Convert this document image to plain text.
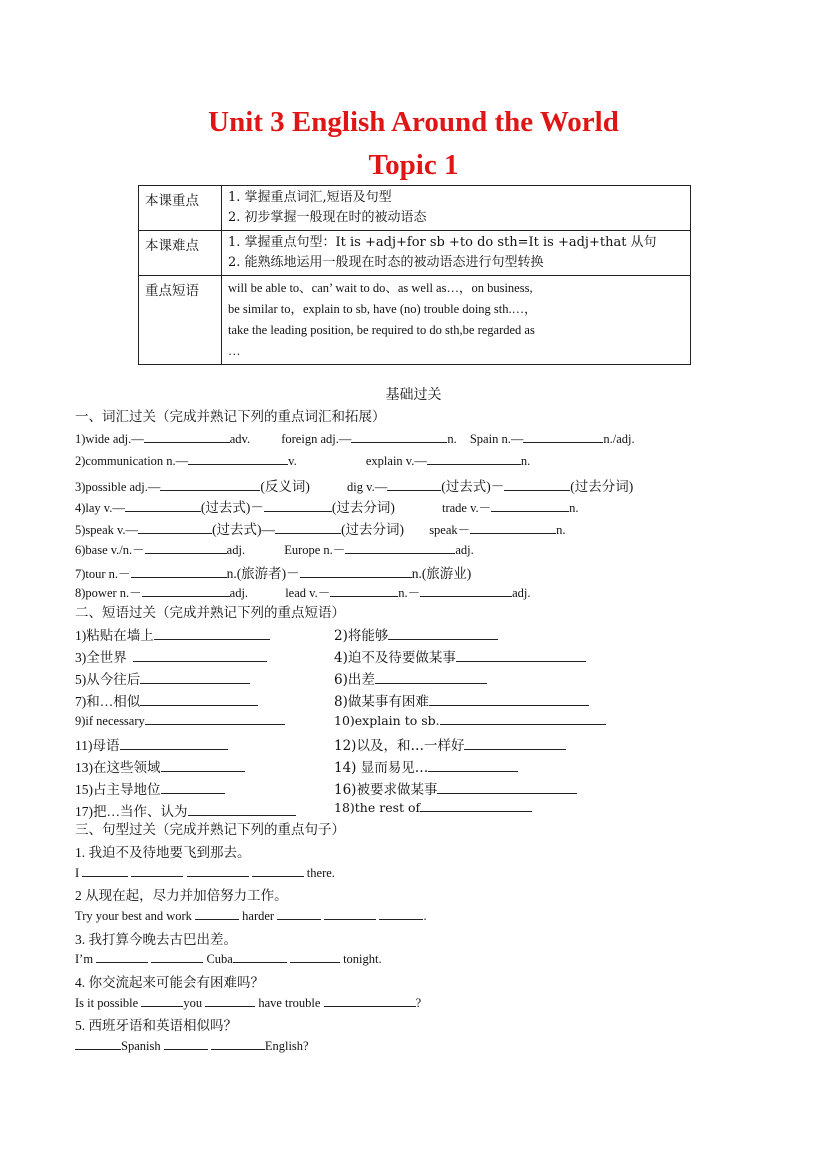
Unit 3 English Around the World
Topic 1
本课重点	1. 掌握重点词汇,短语及句型
2. 初步掌握一般现在时的被动语态

本课难点	1. 掌握重点句型：It is +adj+for sb +to do sth=It is +adj+that 从句
2. 能熟练地运用一般现在时态的被动语态进行句型转换

重点短语	will be able to、can’ wait to do、as well as…，on business,
be similar to，explain to sb, have (no) trouble doing sth.…，
take the leading position, be required to do sth,be regarded as
…
基础过关
一、词汇过关（完成并熟记下列的重点词汇和拓展）
1)wide adj.—	adv. foreign adj.—	n. Spain n.—	n./adj.
2)communication n.—	v.	explain v.—	n.
3)possible adj.—	(反义词)	dig v.—	(过去式)－	(过去分词)
4)lay v.—	(过去式)－	(过去分词)	trade v.－	n.
5)speak v.—	(过去式)—	(过去分词) speak－	n.
6)base v./n.－	adj.	Europe n.－	adj.
7)tour n.－	n.(旅游者)－	n.(旅游业)
8)power n.－	adj.	lead v.－	n.－	adj.
二、短语过关（完成并熟记下列的重点短语）
1)粘贴在墙上	2)将能够
3)全世界	4)迫不及待要做某事
5)从今往后	6)出差
7)和…相似	8)做某事有困难
9)if necessary	10)explain to sb.
11)母语	12)以及，和…一样好
13)在这些领域	14) 显而易见…
15)占主导地位	16)被要求做某事
17)把…当作、认为	18)the rest of
三、句型过关（完成并熟记下列的重点句子）
1. 我迫不及待地要飞到那去。
I	there.
2 从现在起，尽力并加倍努力工作。
Try your best and work	harder	.
3. 我打算今晚去古巴出差。
I’m	Cuba	tonight.
4. 你交流起来可能会有困难吗？
Is it possible	you	have trouble	?
5. 西班牙语和英语相似吗？
Spanish	English?
